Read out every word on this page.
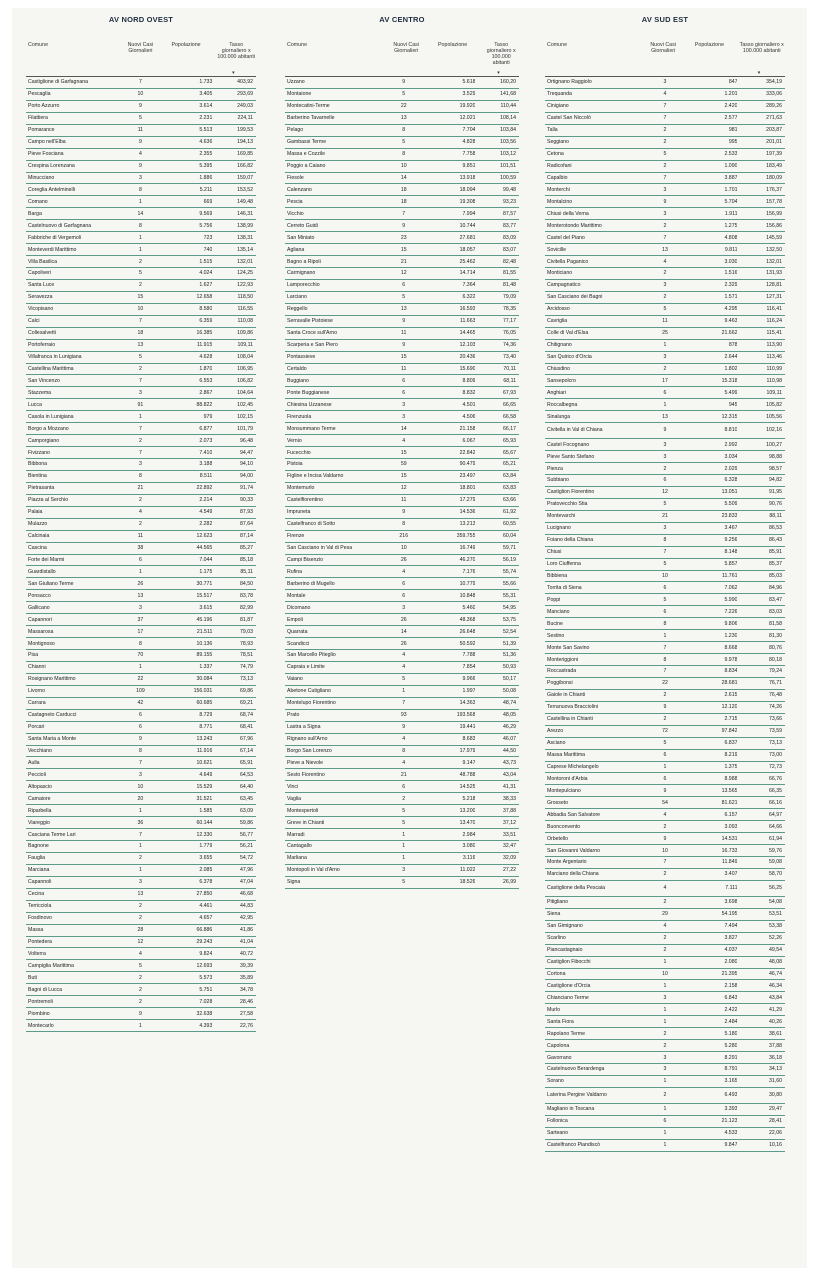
AV NORD OVEST
Comune	Nuovi Casi Giornalieri
Popolazione	Tasso giornaliero x 100.000 abitanti
▾
Castiglione di Garfagnana	7	1.733	403,92
Pescaglia	10	3.405	293,69
Porto Azzurro	9	3.614	249,03
Filattiera	5	2.231	224,11
Pomarance	11	5.513	199,53
Campo nell'Elba	9	4.636	194,13
Pieve Fosciana	4	2.355	169,85
Crespina Lorenzana	9	5.395	166,82
Minucciano	3	1.886	159,07
Coreglia Antelminelli	8	5.211	153,52
Comano	1	669	149,48
Barga	14	9.569	146,31
Castelnuovo di Garfagnana	8	5.756	138,99
Fabbriche di Vergemoli	1	723	138,31
Monteverdi Marittimo	1	740	135,14
Villa Basilica	2	1.515	132,01
Capoliveri	5	4.024	124,25
Santa Luce	2	1.627	122,93
Seravezza	15	12.658	118,50
Vicopisano	10	8.580	116,55
Calci	7	6.359	110,08
Collesalvetti	18	16.385	109,86
Portoferraio	13	11.915	109,11
Villafranca in Lunigiana	5	4.628	108,04
Castellina Marittima	2	1.870	106,95
San Vincenzo	7	6.553	106,82
Stazzema	3	2.867	104,64
Lucca	91	88.822	102,45
Casola in Lunigiana	1	979	102,15
Borgo a Mozzano	7	6.877	101,79
Camporgiano	2	2.073	96,48
Fivizzano	7	7.410	94,47
Bibbona	3	3.188	94,10
Bientina	8	8.511	94,00
Pietrasanta	21	22.892	91,74
Piazza al Serchio	2	2.214	90,33
Palaia	4	4.549	87,93
Mulazzo	2	2.282	87,64
Calcinaia	11	12.623	87,14
Cascina	38	44.565	85,27
Forte dei Marmi	6	7.044	85,18
Guardistallo	1	1.175	85,11
San Giuliano Terme	26	30.771	84,50
Ponsacco	13	15.517	83,78
Gallicano	3	3.615	82,99
Capannori	37	45.196	81,87
Massarosa	17	21.511	79,03
Montignoso	8	10.136	78,93
Pisa	70	89.155	78,51
Chianni	1	1.337	74,79
Rosignano Marittimo	22	30.084	73,13
Livorno	109	156.031	69,86
Carrara	42	60.685	69,21
Castagneto Carducci	6	8.729	68,74
Porcari	6	8.771	68,41
Santa Maria a Monte	9	13.243	67,96
Vecchiano	8	11.916	67,14
Aulla	7	10.621	65,91
Peccioli	3	4.649	64,53
Altopascio	10	15.529	64,40
Camaiore	20	31.521	63,45
Riparbella	1	1.585	63,09
Viareggio	36	60.144	59,86
Casciana Terme Lari	7	12.330	56,77
Bagnone	1	1.779	56,21
Fauglia	2	3.655	54,72
Marciana	1	2.085	47,96
Capannoli	3	6.378	47,04
Cecina	13	27.850	46,68
Terricciola	2	4.461	44,83
Fosdinovo	2	4.657	42,95
Massa	28	66.886	41,86
Pontedera	12	29.243	41,04
Volterra	4	9.824	40,72
Campiglia Marittima	5	12.693	39,39
Buti	2	5.573	35,89
Bagni di Lucca	2	5.751	34,78
Pontremoli	2	7.028	28,46
Piombino	9	32.638	27,58
Montecarlo	1	4.393	22,76
AV CENTRO
Comune	Nuovi Casi Giornalieri
Popolazione	Tasso giornaliero x 100.000 abitanti
▾
Uzzano	9	5.618	160,20
Montaione	5	3.529	141,68
Montecatini-Terme	22	19.920	110,44
Barberino Tavarnelle	13	12.021	108,14
Pelago	8	7.704	103,84
Gambassi Terme	5	4.828	103,56
Massa e Cozzile	8	7.758	103,12
Poggio a Caiano	10	9.851	101,51
Fiesole	14	13.918	100,59
Calenzano	18	18.094	99,48
Pescia	18	19.308	93,23
Vicchio	7	7.994	87,57
Cerreto Guidi	9	10.744	83,77
San Miniato	23	27.681	83,09
Agliana	15	18.057	83,07
Bagno a Ripoli	21	25.462	82,48
Carmignano	12	14.714	81,55
Lamporecchio	6	7.364	81,48
Larciano	5	6.322	79,09
Reggello	13	16.593	78,35
Serravalle Pistoiese	9	11.663	77,17
Santa Croce sull'Arno	11	14.465	76,05
Scarperia e San Piero	9	12.103	74,36
Pontassieve	15	20.436	73,40
Certaldo	11	15.690	70,11
Buggiano	6	8.809	68,11
Ponte Buggianese	6	8.832	67,93
Chiesina Uzzanese	3	4.501	66,65
Firenzuola	3	4.506	66,58
Monsummano Terme	14	21.158	66,17
Vernio	4	6.067	65,93
Fucecchio	15	22.842	65,67
Pistoia	59	90.479	65,21
Figline e Incisa Valdarno	15	23.497	63,84
Montemurlo	12	18.801	63,83
Castelfiorentino	11	17.279	63,66
Impruneta	9	14.536	61,92
Castelfranco di Sotto	8	13.213	60,55
Firenze	216	359.755	60,04
San Casciano in Val di Pesa	10	16.749	59,71
Campi Bisenzio	26	46.270	56,19
Rufina	4	7.176	55,74
Barberino di Mugello	6	10.779	55,66
Montale	6	10.848	55,31
Dicomano	3	5.460	54,95
Empoli	26	48.368	53,75
Quarrata	14	26.648	52,54
Scandicci	26	50.592	51,39
San Marcello Piteglio	4	7.788	51,36
Capraia e Limite	4	7.854	50,93
Vaiano	5	9.966	50,17
Abetone Cutigliano	1	1.997	50,08
Montelupo Fiorentino	7	14.363	48,74
Prato	93	193.568	48,05
Lastra a Signa	9	19.441	46,29
Rignano sull'Arno	4	8.683	46,07
Borgo San Lorenzo	8	17.979	44,50
Pieve a Nievole	4	9.147	43,73
Sesto Fiorentino	21	48.788	43,04
Vinci	6	14.525	41,31
Vaglia	2	5.218	38,33
Montespertoli	5	13.200	37,88
Greve in Chianti	5	13.470	37,12
Marradi	1	2.984	33,51
Cantagallo	1	3.080	32,47
Marliana	1	3.116	32,09
Montopoli in Val d'Arno	3	11.022	27,22
Signa	5	18.526	26,99
AV SUD EST
Comune	Nuovi Casi Giornalieri
Popolazione	Tasso giornaliero x 100.000 abitanti
▾
Ortignano Raggiolo	3	847	354,19
Trequanda	4	1.201	333,06
Cinigiano	7	2.420	289,26
Castel San Niccolò	7	2.577	271,63
Talla	2	981	203,87
Seggiano	2	995	201,01
Cetona	5	2.533	197,39
Radicofani	2	1.090	183,49
Capalbio	7	3.887	180,09
Monterchi	3	1.701	176,37
Montalcino	9	5.704	157,78
Chiusi della Verna	3	1.911	156,99
Monterotondo Marittimo	2	1.275	156,86
Castel del Piano	7	4.808	145,59
Sovicille	13	9.811	132,50
Civitella Paganico	4	3.030	132,01
Monticiano	2	1.516	131,93
Campagnatico	3	2.329	128,81
San Casciano dei Bagni	2	1.571	127,31
Arcidosso	5	4.295	116,41
Cavriglia	11	9.463	116,24
Colle di Val d'Elsa	25	21.662	115,41
Chitignano	1	878	113,90
San Quirico d'Orcia	3	2.644	113,46
Chiusdino	2	1.802	110,99
Sansepolcro	17	15.318	110,98
Anghiari	6	5.499	109,11
Roccalbegna	1	945	105,82
Sinalunga	13	12.315	105,56
Civitella in Val di Chiana	9	8.810	102,16
Castel Focognano	3	2.992	100,27
Pieve Santo Stefano	3	3.034	98,88
Pienza	2	2.029	98,57
Subbiano	6	6.328	94,82
Castiglion Fiorentino	12	13.051	91,95
Pratovecchio Stia	5	5.509	90,76
Montevarchi	21	23.833	88,11
Lucignano	3	3.467	86,53
Foiano della Chiana	8	9.256	86,43
Chiusi	7	8.148	85,91
Loro Ciuffenna	5	5.857	85,37
Bibbiena	10	11.761	85,03
Torrita di Siena	6	7.062	84,96
Poppi	5	5.990	83,47
Manciano	6	7.226	83,03
Bucine	8	9.806	81,58
Sestino	1	1.230	81,30
Monte San Savino	7	8.668	80,76
Monteriggioni	8	9.978	80,18
Roccastrada	7	8.834	79,24
Poggibonsi	22	28.681	76,71
Gaiole in Chianti	2	2.615	76,48
Terranuova Bracciolini	9	12.120	74,26
Castellina in Chianti	2	2.715	73,66
Arezzo	72	97.842	73,59
Asciano	5	6.837	73,13
Massa Marittima	6	8.219	73,00
Caprese Michelangelo	1	1.375	72,73
Montoroni d'Arbia	6	8.988	66,76
Montepulciano	9	13.565	66,35
Grosseto	54	81.621	66,16
Abbadia San Salvatore	4	6.157	64,97
Buonconvento	2	3.093	64,66
Orbetello	9	14.531	61,94
San Giovanni Valdarno	10	16.733	59,76
Monte Argentario	7	11.849	59,08
Marciano della Chiana	2	3.407	58,70
Castiglione della Pescaia	4	7.111	56,25
Pitigliano	2	3.698	54,08
Siena	29	54.195	53,51
San Gimignano	4	7.494	53,38
Scarlino	2	3.827	52,26
Piancastagnaio	2	4.037	49,54
Castiglion Fibocchi	1	2.080	48,08
Cortona	10	21.395	46,74
Castiglione d'Orcia	1	2.158	46,34
Chianciano Terme	3	6.843	43,84
Murlo	1	2.422	41,29
Santa Fiora	1	2.484	40,26
Rapolano Terme	2	5.180	38,61
Capolona	2	5.280	37,88
Gavorrano	3	8.291	36,18
Castelnuovo Berardenga	3	8.791	34,13
Sorano	1	3.165	31,60
Laterina Pergine Valdarno	2	6.493	30,80
Magliano in Toscana	1	3.393	29,47
Follonica	6	21.123	28,41
Sarteano	1	4.533	22,06
Castelfranco Piandiscò	1	9.847	10,16
